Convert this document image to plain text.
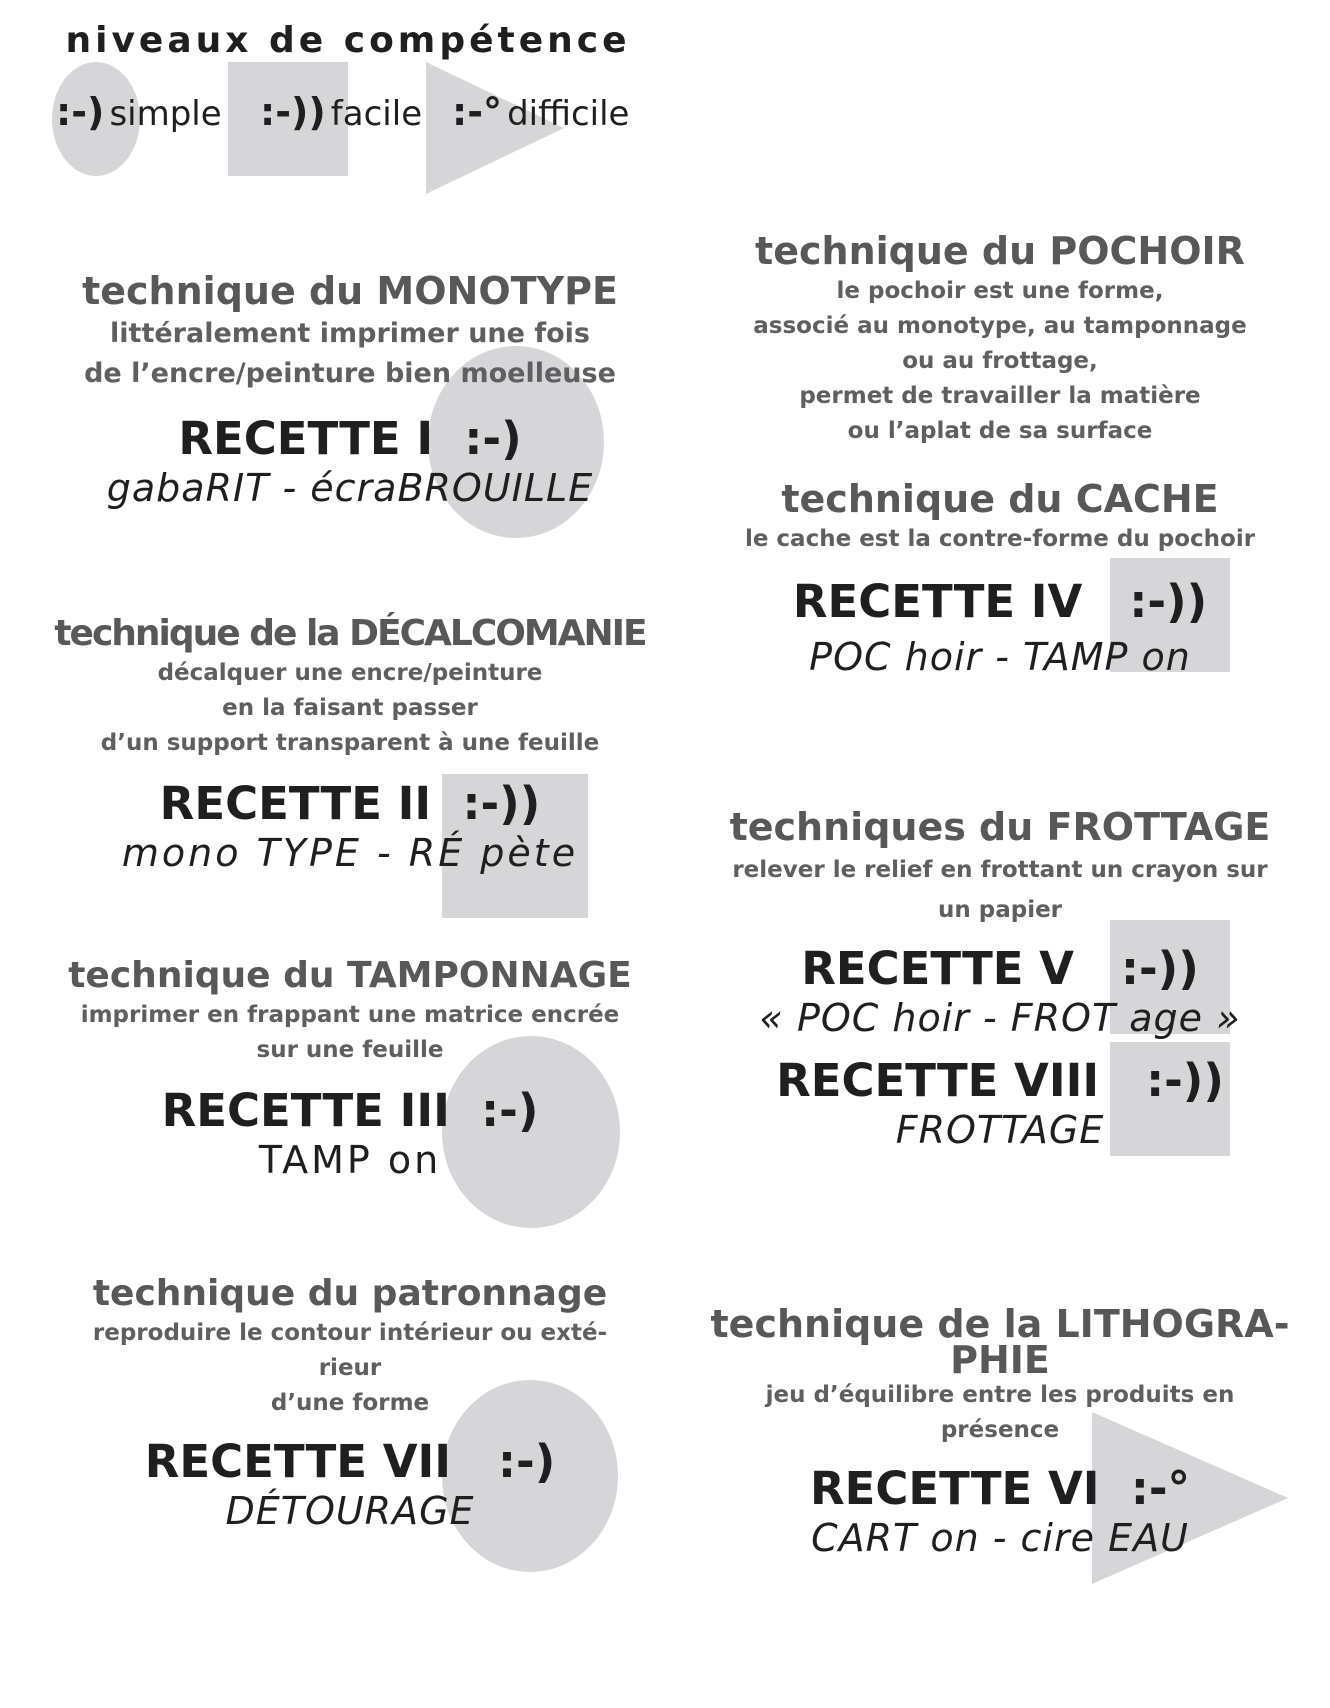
niveaux de compétence
:-) simple :-)) facile :-° difficile
technique du MONOTYPE

littéralement imprimer une fois

de l’encre/peinture bien moelleuse

RECETTE I :-)
gabaRIT - écraBROUILLE
technique de la DÉCALCOMANIE

décalquer une encre/peinture

en la faisant passer

d’un support transparent à une feuille

RECETTE II :-))
mono TYPE - RÉ pète
technique du TAMPONNAGE

imprimer en frappant une matrice encrée

sur une feuille

RECETTE III :-)
TAMP on
technique du patronnage

reproduire le contour intérieur ou exté-

rieur

d’une forme

RECETTE VII :-)
DÉTOURAGE
technique du POCHOIR

le pochoir est une forme,

associé au monotype, au tamponnage

ou au frottage,

permet de travailler la matière

ou l’aplat de sa surface

technique du CACHE

le cache est la contre-forme du pochoir

RECETTE IV :-))
POC hoir - TAMP on
techniques du FROTTAGE

relever le relief en frottant un crayon sur

un papier

RECETTE V :-))
« POC hoir - FROT age »
RECETTE VIII :-))
FROTTAGE
technique de la LITHOGRA-
PHIE

jeu d’équilibre entre les produits en

présence

RECETTE VI :-°
CART on - cire EAU
